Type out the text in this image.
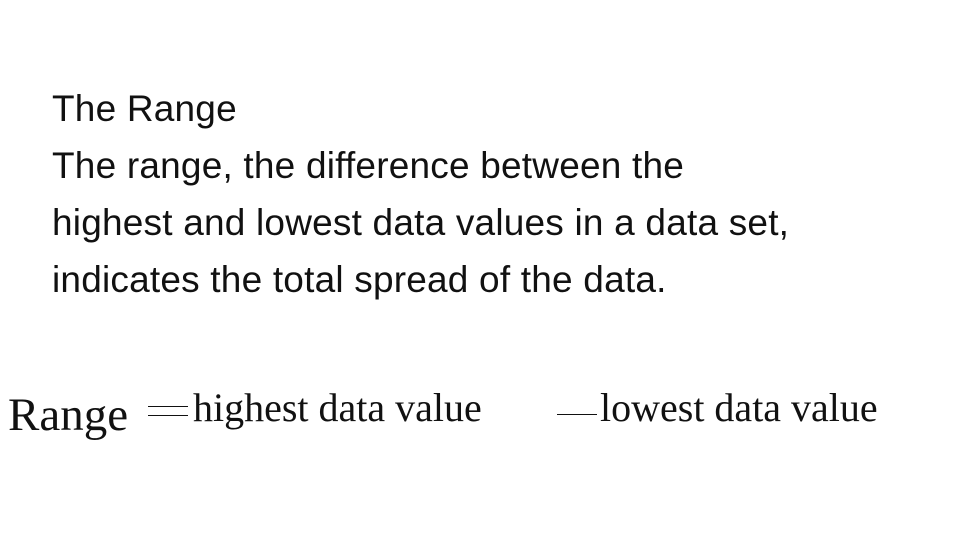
The Range
The range, the difference between the
highest and lowest data values in a data set,
indicates the total spread of the data.
Range highest data value	lowest data value
